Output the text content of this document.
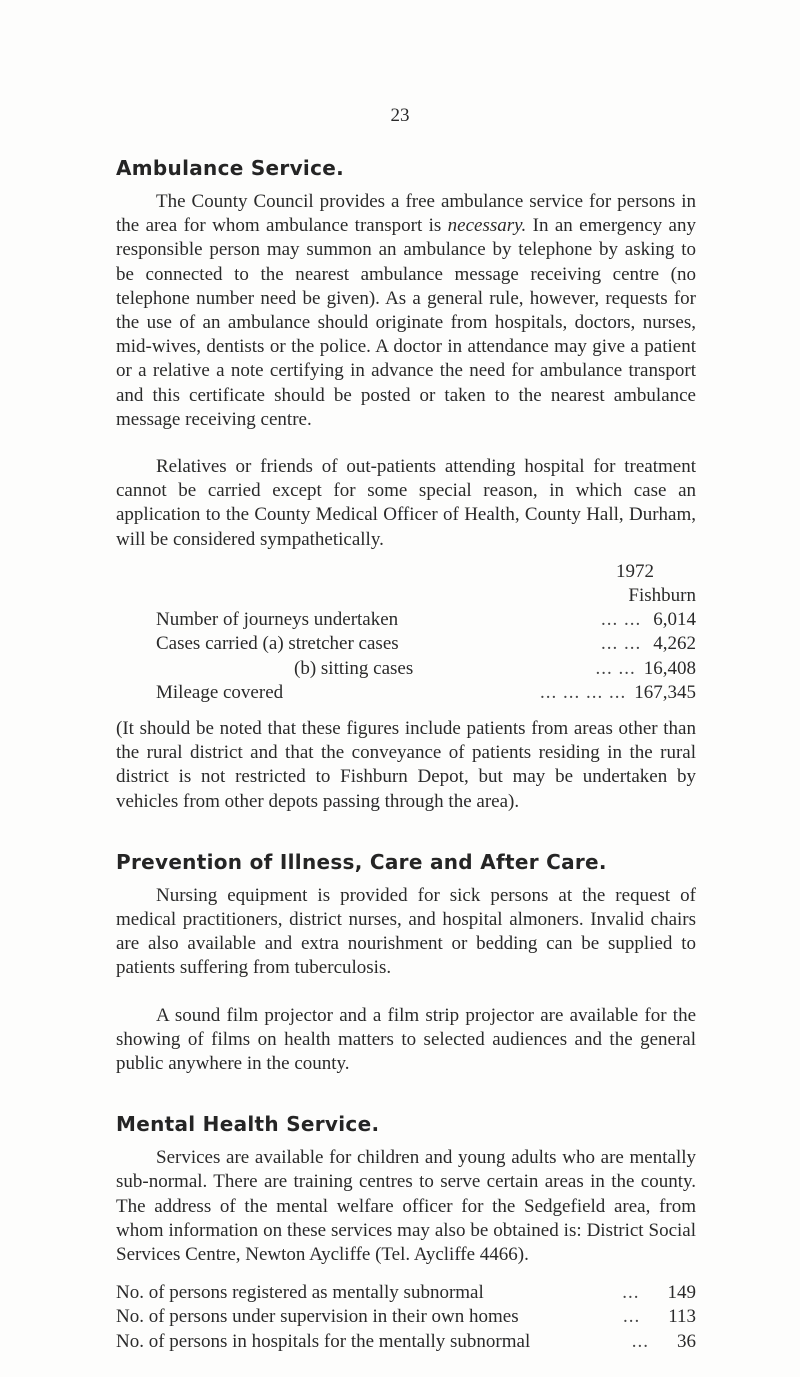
23
Ambulance Service.

The County Council provides a free ambulance service for persons in the area for whom ambulance transport is necessary. In an emergency any responsible person may summon an ambulance by telephone by asking to be connected to the nearest ambulance message receiving centre (no telephone number need be given). As a general rule, however, requests for the use of an ambulance should originate from hospitals, doctors, nurses, mid-wives, dentists or the police. A doctor in attendance may give a patient or a relative a note certifying in advance the need for ambulance transport and this certificate should be posted or taken to the nearest ambulance message receiving centre.

Relatives or friends of out-patients attending hospital for treatment cannot be carried except for some special reason, in which case an application to the County Medical Officer of Health, County Hall, Durham, will be considered sympathetically.

1972
Fishburn
Number of journeys undertaken	... ... 6,014
Cases carried (a) stretcher cases	... ... 4,262
(b) sitting cases	... ... 16,408
Mileage covered	... ... ... ... 167,345

(It should be noted that these figures include patients from areas other than the rural district and that the conveyance of patients residing in the rural district is not restricted to Fishburn Depot, but may be undertaken by vehicles from other depots passing through the area).

Prevention of Illness, Care and After Care.

Nursing equipment is provided for sick persons at the request of medical practitioners, district nurses, and hospital almoners. Invalid chairs are also available and extra nourishment or bedding can be supplied to patients suffering from tuberculosis.

A sound film projector and a film strip projector are available for the showing of films on health matters to selected audiences and the general public anywhere in the county.

Mental Health Service.

Services are available for children and young adults who are mentally sub-normal. There are training centres to serve certain areas in the county. The address of the mental welfare officer for the Sedgefield area, from whom information on these services may also be obtained is: District Social Services Centre, Newton Aycliffe (Tel. Aycliffe 4466).

No. of persons registered as mentally subnormal	...	149
No. of persons under supervision in their own homes	...	113
No. of persons in hospitals for the mentally subnormal	...	36
